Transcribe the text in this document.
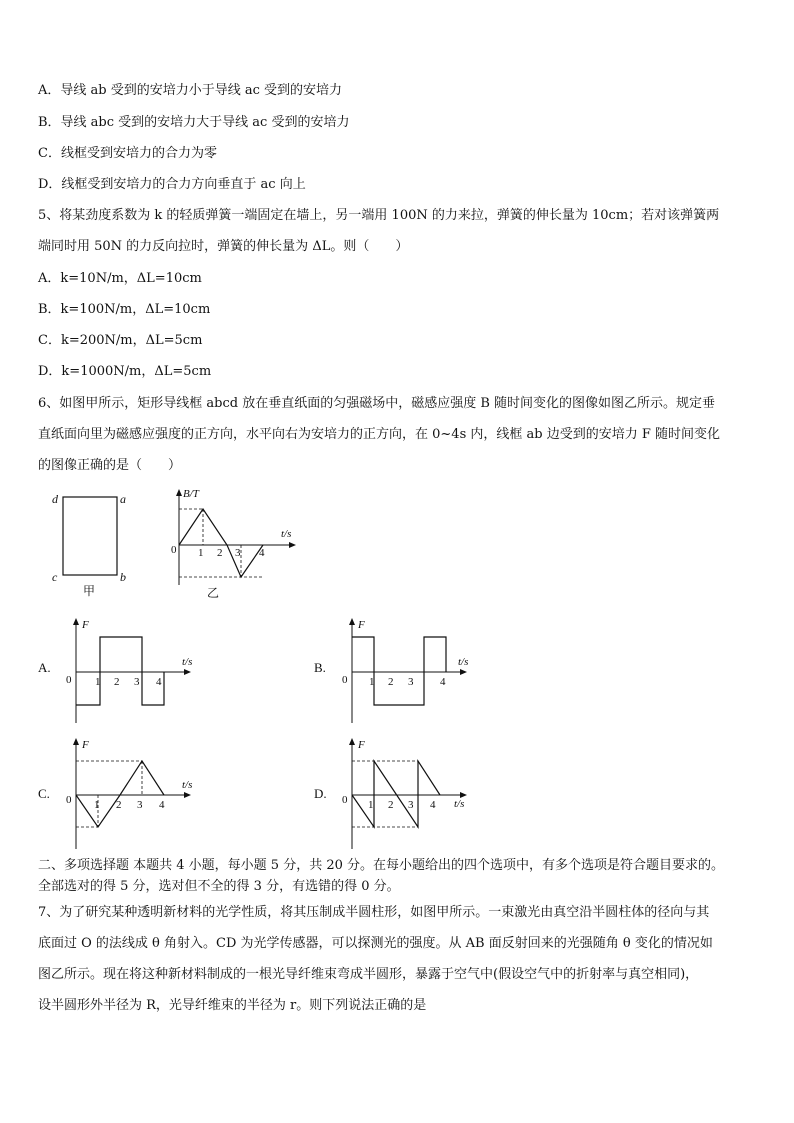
A．导线 ab 受到的安培力小于导线 ac 受到的安培力
B．导线 abc 受到的安培力大于导线 ac 受到的安培力
C．线框受到安培力的合力为零
D．线框受到安培力的合力方向垂直于 ac 向上
5、将某劲度系数为 k 的轻质弹簧一端固定在墙上，另一端用 100N 的力来拉，弹簧的伸长量为 10cm；若对该弹簧两
端同时用 50N 的力反向拉时，弹簧的伸长量为 ΔL。则（　　）
A．k=10N/m，ΔL=10cm
B．k=100N/m，ΔL=10cm
C．k=200N/m，ΔL=5cm
D．k=1000N/m，ΔL=5cm
6、如图甲所示，矩形导线框 abcd 放在垂直纸面的匀强磁场中，磁感应强度 B 随时间变化的图像如图乙所示。规定垂
直纸面向里为磁感应强度的正方向，水平向右为安培力的正方向，在 0~4s 内，线框 ab 边受到的安培力 F 随时间变化
的图像正确的是（　　）
d	a
c	b
甲
B/T
t/s
0 1 2 3 4
乙
A.
F
t/s
0 1 2 3 4
B.
F
t/s
0 1 2 3 4
C.
F
t/s
0 1 2 3 4
D.
F
t/s
0 1 2 3 4
二、多项选择题 本题共 4 小题，每小题 5 分，共 20 分。在每小题给出的四个选项中，有多个选项是符合题目要求的。
全部选对的得 5 分，选对但不全的得 3 分，有选错的得 0 分。
7、为了研究某种透明新材料的光学性质，将其压制成半圆柱形，如图甲所示。一束激光由真空沿半圆柱体的径向与其
底面过 O 的法线成 θ 角射入。CD 为光学传感器，可以探测光的强度。从 AB 面反射回来的光强随角 θ 变化的情况如
图乙所示。现在将这种新材料制成的一根光导纤维束弯成半圆形，暴露于空气中(假设空气中的折射率与真空相同)，
设半圆形外半径为 R，光导纤维束的半径为 r。则下列说法正确的是
